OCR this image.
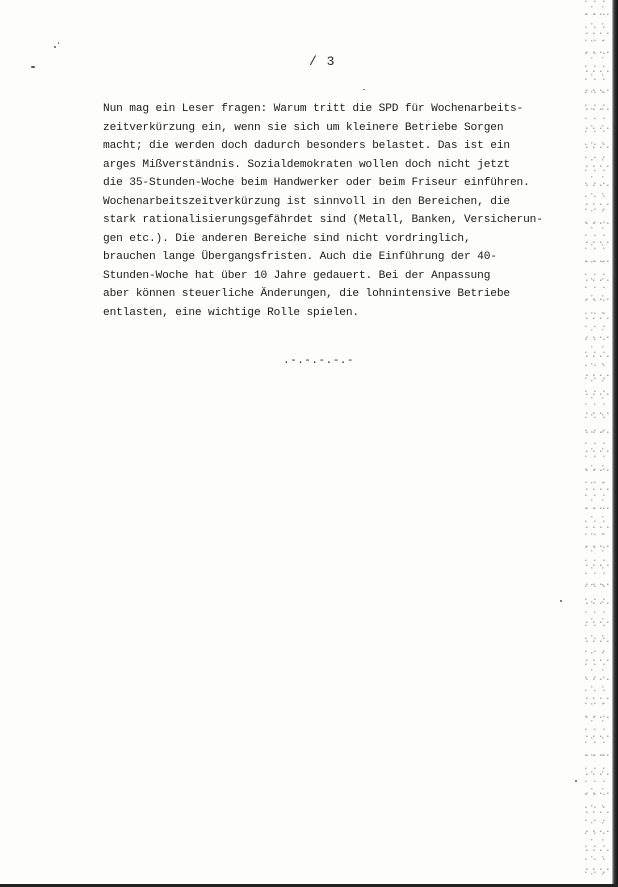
/ 3
Nun mag ein Leser fragen: Warum tritt die SPD für Wochenarbeits-
zeitverkürzung ein, wenn sie sich um kleinere Betriebe Sorgen
macht; die werden doch dadurch besonders belastet. Das ist ein
arges Mißverständnis. Sozialdemokraten wollen doch nicht jetzt
die 35-Stunden-Woche beim Handwerker oder beim Friseur einführen.
Wochenarbeitszeitverkürzung ist sinnvoll in den Bereichen, die
stark rationalisierungsgefährdet sind (Metall, Banken, Versicherun-
gen etc.). Die anderen Bereiche sind nicht vordringlich,
brauchen lange Übergangsfristen. Auch die Einführung der 40-
Stunden-Woche hat über 10 Jahre gedauert. Bei der Anpassung
aber können steuerliche Änderungen, die lohnintensive Betriebe
entlasten, eine wichtige Rolle spielen.
.-.-.-.-.-
